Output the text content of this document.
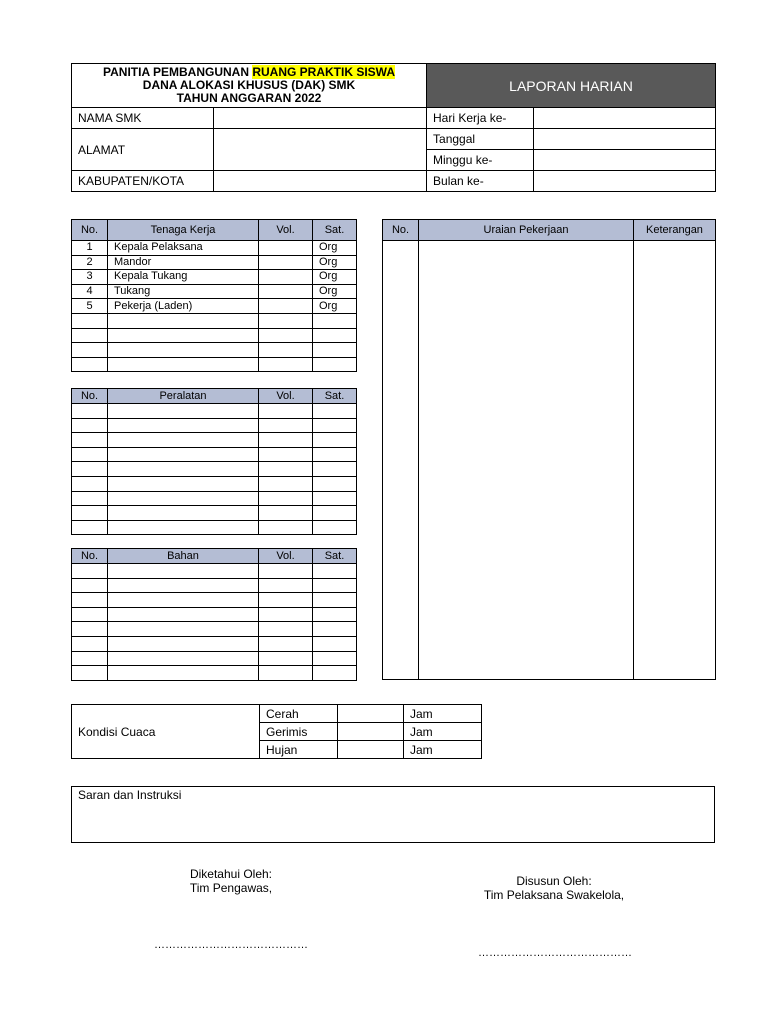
PANITIA PEMBANGUNAN RUANG PRAKTIK SISWA
DANA ALOKASI KHUSUS (DAK) SMK
TAHUN ANGGARAN 2022		LAPORAN HARIAN	
NAMA SMK		Hari Kerja ke-	
ALAMAT		Tanggal	
		Minggu ke-	
KABUPATEN/KOTA		Bulan ke-	
No.	Tenaga Kerja	Vol.	Sat.
1	Kepala Pelaksana		Org
2	Mandor		Org
3	Kepala Tukang		Org
4	Tukang		Org
5	Pekerja (Laden)		Org

No.	Peralatan	Vol.	Sat.

No.	Bahan	Vol.	Sat.

No.	Uraian Pekerjaan	Keterangan

Kondisi Cuaca	Cerah		Jam
	Gerimis		Jam
	Hujan		Jam
Saran dan Instruksi
Diketahui Oleh:
Tim Pengawas,
……………………………………
Disusun Oleh:
Tim Pelaksana Swakelola,
……………………………………
